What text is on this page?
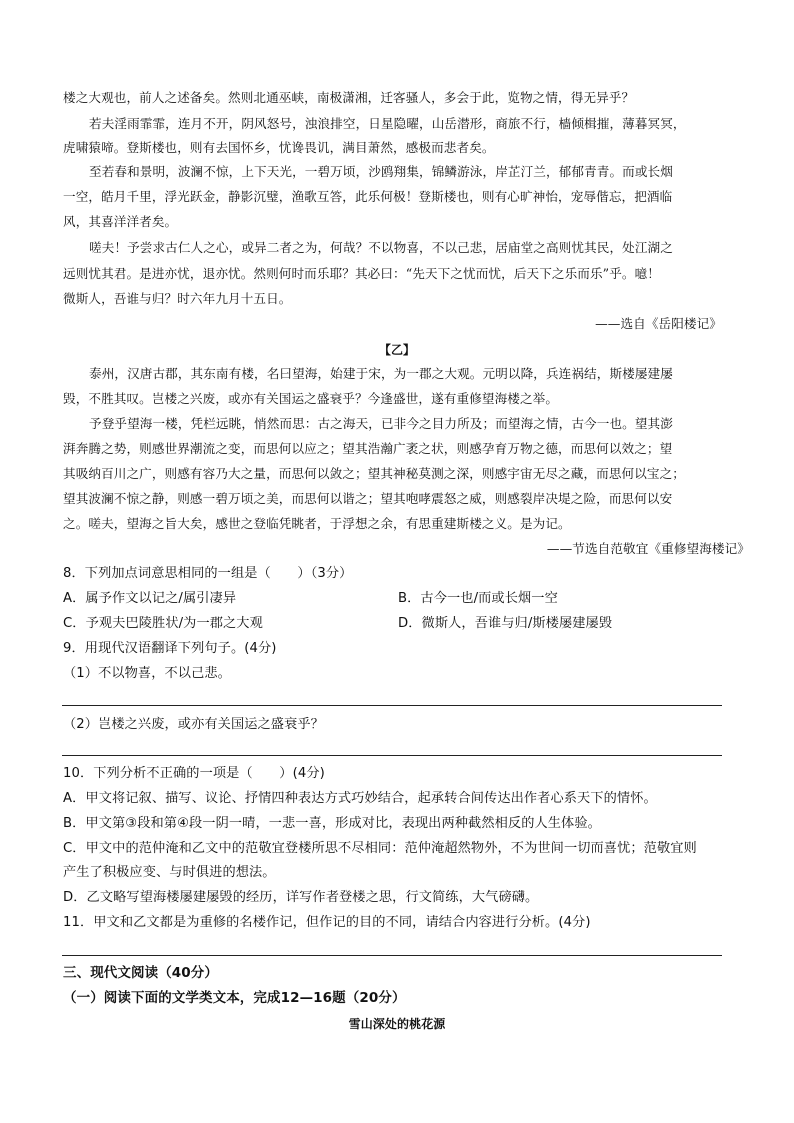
楼之大观也，前人之述备矣。然则北通巫峡，南极潇湘，迁客骚人，多会于此，览物之情，得无异乎？
若夫淫雨霏霏，连月不开，阴风怒号，浊浪排空，日星隐曜，山岳潜形，商旅不行，樯倾楫摧，薄暮冥冥，
虎啸猿啼。登斯楼也，则有去国怀乡，忧谗畏讥，满目萧然，感极而悲者矣。
至若春和景明，波澜不惊，上下天光，一碧万顷，沙鸥翔集，锦鳞游泳，岸芷汀兰，郁郁青青。而或长烟
一空，皓月千里，浮光跃金，静影沉璧，渔歌互答，此乐何极！登斯楼也，则有心旷神怡，宠辱偕忘，把酒临
风，其喜洋洋者矣。
嗟夫！予尝求古仁人之心，或异二者之为，何哉？不以物喜，不以己悲，居庙堂之高则忧其民，处江湖之
远则忧其君。是进亦忧，退亦忧。然则何时而乐耶？其必曰：“先天下之忧而忧，后天下之乐而乐”乎。噫！
微斯人，吾谁与归？时六年九月十五日。
——选自《岳阳楼记》
【乙】
泰州，汉唐古郡，其东南有楼，名曰望海，始建于宋，为一郡之大观。元明以降，兵连祸结，斯楼屡建屡
毁，不胜其叹。岂楼之兴废，或亦有关国运之盛衰乎？今逢盛世，遂有重修望海楼之举。
予登乎望海一楼，凭栏远眺，悄然而思：古之海天，已非今之目力所及；而望海之情，古今一也。望其澎
湃奔腾之势，则感世界潮流之变，而思何以应之；望其浩瀚广袤之状，则感孕育万物之德，而思何以效之；望
其吸纳百川之广，则感有容乃大之量，而思何以敛之；望其神秘莫测之深，则感宇宙无尽之藏，而思何以宝之；
望其波澜不惊之静，则感一碧万顷之美，而思何以谐之；望其咆哮震怒之威，则感裂岸决堤之险，而思何以安
之。嗟夫，望海之旨大矣，感世之登临凭眺者，于浮想之余，有思重建斯楼之义。是为记。
——节选自范敬宜《重修望海楼记》
8．下列加点词意思相同的一组是（　　）（3分）
A．属予作文以记之/属引凄异	B．古今一也/而或长烟一空
C．予观夫巴陵胜状/为一郡之大观	D．微斯人，吾谁与归/斯楼屡建屡毁
9．用现代汉语翻译下列句子。(4分)
（1）不以物喜，不以己悲。
（2）岂楼之兴废，或亦有关国运之盛衰乎？
10．下列分析不正确的一项是（　　）(4分)
A．甲文将记叙、描写、议论、抒情四种表达方式巧妙结合，起承转合间传达出作者心系天下的情怀。
B．甲文第③段和第④段一阴一晴，一悲一喜，形成对比，表现出两种截然相反的人生体验。
C．甲文中的范仲淹和乙文中的范敬宜登楼所思不尽相同：范仲淹超然物外，不为世间一切而喜忧；范敬宜则
产生了积极应变、与时俱进的想法。
D．乙文略写望海楼屡建屡毁的经历，详写作者登楼之思，行文简练，大气磅礴。
11．甲文和乙文都是为重修的名楼作记，但作记的目的不同，请结合内容进行分析。(4分)
三、现代文阅读（40分）
（一）阅读下面的文学类文本，完成12—16题（20分）
雪山深处的桃花源
